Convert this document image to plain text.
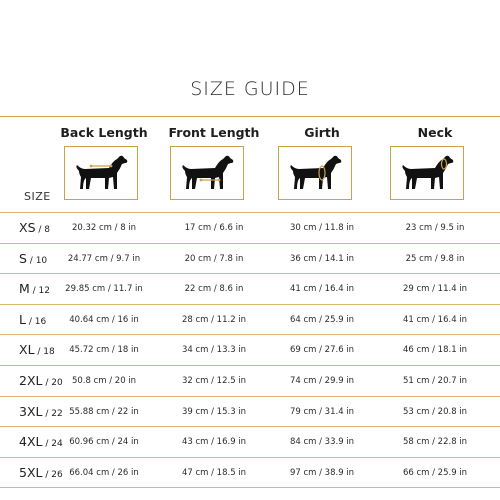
SIZE GUIDE
Back Length Front Length	Girth	Neck
SIZE
XS / 8	20.32 cm / 8 in	17 cm / 6.6 in	30 cm / 11.8 in	23 cm / 9.5 in
S / 10	24.77 cm / 9.7 in	20 cm / 7.8 in	36 cm / 14.1 in	25 cm / 9.8 in
M / 12	29.85 cm / 11.7 in	22 cm / 8.6 in	41 cm / 16.4 in	29 cm / 11.4 in
L / 16	40.64 cm / 16 in	28 cm / 11.2 in	64 cm / 25.9 in	41 cm / 16.4 in
XL / 18	45.72 cm / 18 in	34 cm / 13.3 in	69 cm / 27.6 in	46 cm / 18.1 in
2XL / 20	50.8 cm / 20 in	32 cm / 12.5 in	74 cm / 29.9 in	51 cm / 20.7 in
3XL / 22 55.88 cm / 22 in	39 cm / 15.3 in	79 cm / 31.4 in	53 cm / 20.8 in
4XL / 24 60.96 cm / 24 in	43 cm / 16.9 in	84 cm / 33.9 in	58 cm / 22.8 in
5XL / 26 66.04 cm / 26 in	47 cm / 18.5 in	97 cm / 38.9 in	66 cm / 25.9 in
